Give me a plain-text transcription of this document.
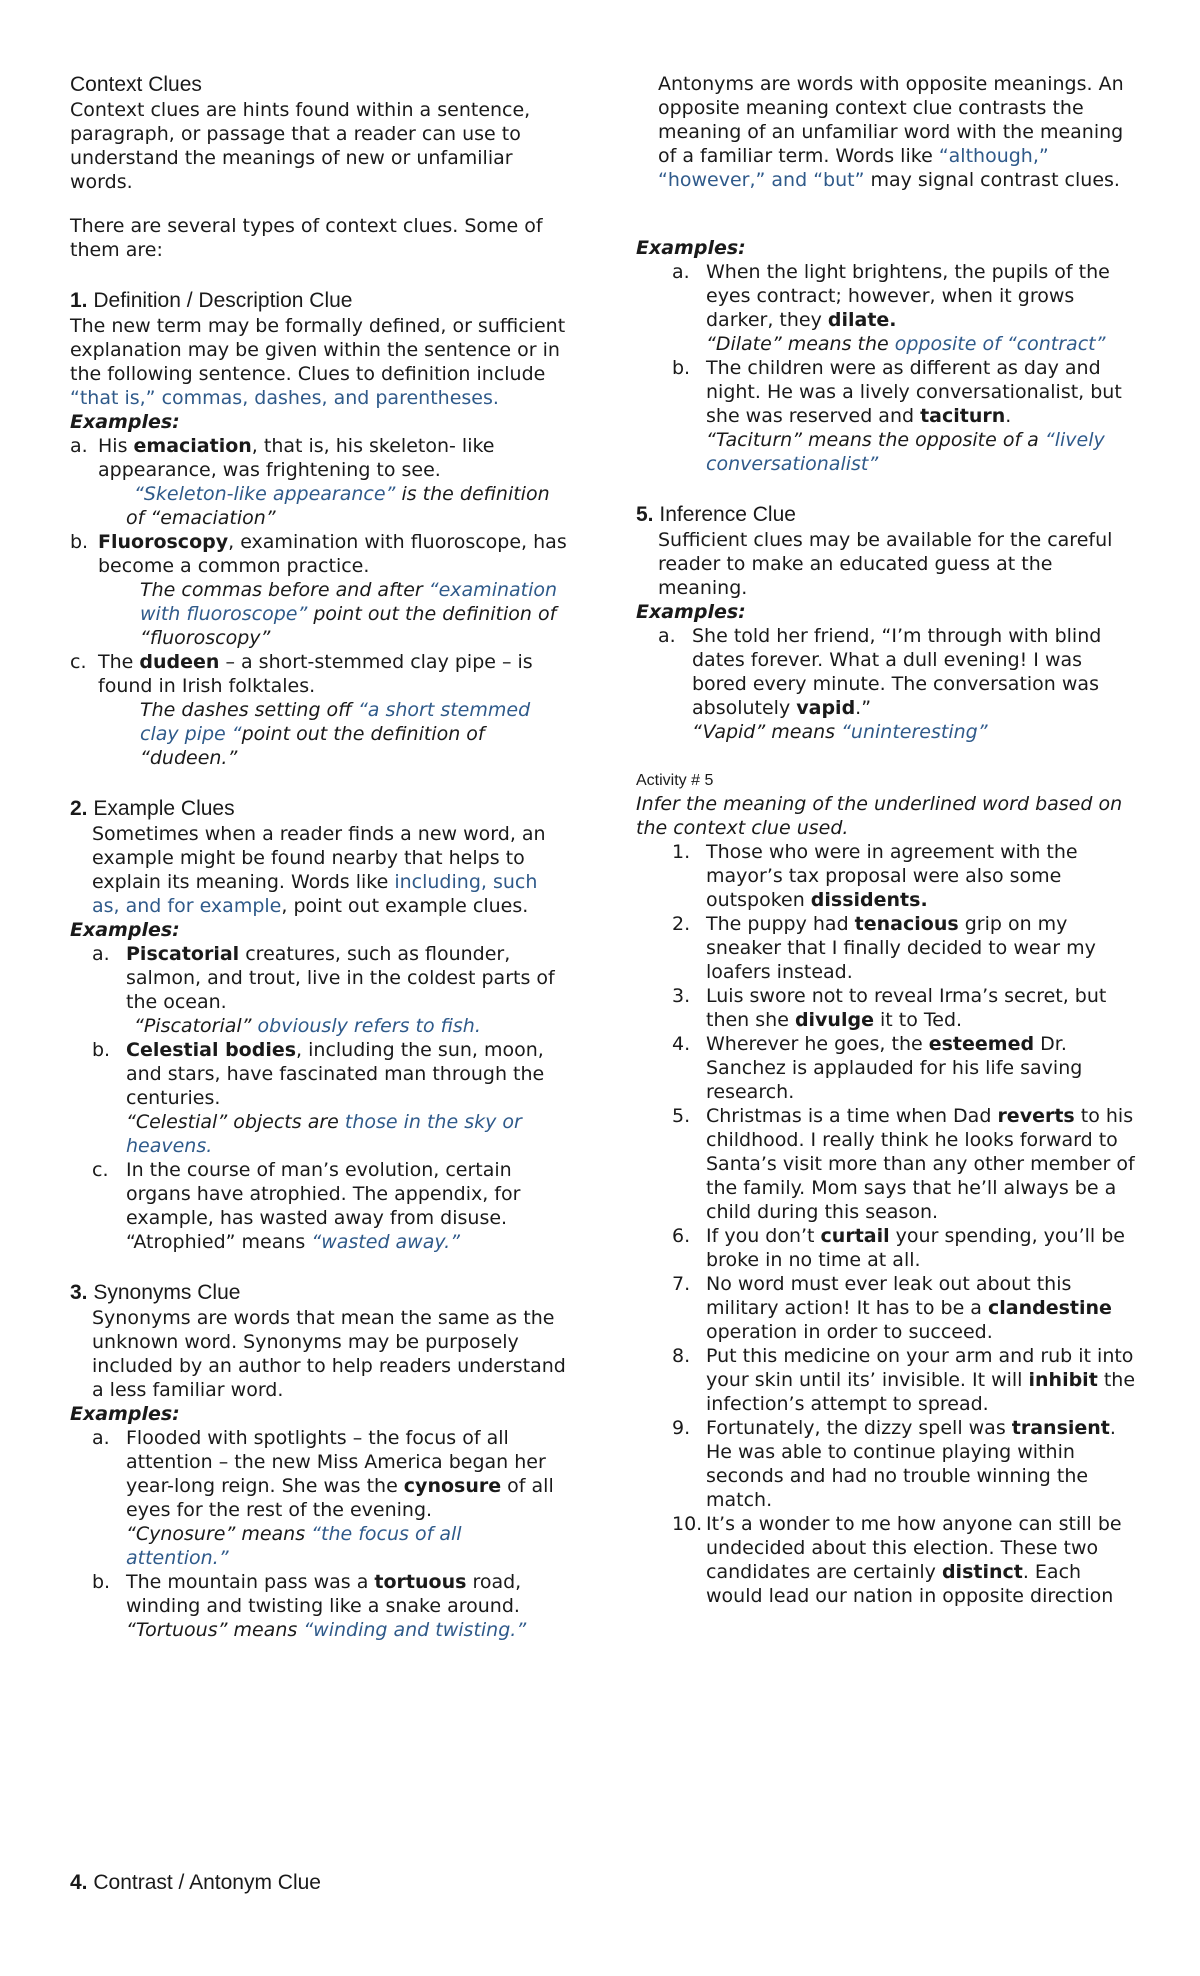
Context Clues

Context clues are hints found within a sentence, paragraph, or passage that a reader can use to understand the meanings of new or unfamiliar words.

There are several types of context clues. Some of them are:

1. Definition / Description Clue

The new term may be formally defined, or sufficient explanation may be given within the sentence or in the following sentence. Clues to definition include “that is,” commas, dashes, and parentheses.

Examples:

a. His emaciation, that is, his skeleton- like appearance, was frightening to see.

“Skeleton-like appearance” is the definition of “emaciation”

b. Fluoroscopy, examination with fluoroscope, has become a common practice.

The commas before and after “examination with fluoroscope” point out the definition of “fluoroscopy”

c. The dudeen – a short-stemmed clay pipe – is found in Irish folktales.

The dashes setting off “a short stemmed clay pipe “point out the definition of “dudeen.”

2. Example Clues

Sometimes when a reader finds a new word, an example might be found nearby that helps to explain its meaning. Words like including, such as, and for example, point out example clues.

Examples:

a. Piscatorial creatures, such as flounder, salmon, and trout, live in the coldest parts of the ocean.

“Piscatorial” obviously refers to fish.

b. Celestial bodies, including the sun, moon, and stars, have fascinated man through the centuries.

“Celestial” objects are those in the sky or heavens.

c. In the course of man’s evolution, certain organs have atrophied. The appendix, for example, has wasted away from disuse.

“Atrophied” means “wasted away.”

3. Synonyms Clue

Synonyms are words that mean the same as the unknown word. Synonyms may be purposely included by an author to help readers understand a less familiar word.

Examples:

a. Flooded with spotlights – the focus of all attention – the new Miss America began her year-long reign. She was the cynosure of all eyes for the rest of the evening.

“Cynosure” means “the focus of all attention.”

b. The mountain pass was a tortuous road, winding and twisting like a snake around.

“Tortuous” means “winding and twisting.”

4. Contrast / Antonym Clue

Antonyms are words with opposite meanings. An opposite meaning context clue contrasts the meaning of an unfamiliar word with the meaning of a familiar term. Words like “although,” “however,” and “but” may signal contrast clues.

Examples:

a. When the light brightens, the pupils of the eyes contract; however, when it grows darker, they dilate.

“Dilate” means the opposite of “contract”

b. The children were as different as day and night. He was a lively conversationalist, but she was reserved and taciturn.

“Taciturn” means the opposite of a “lively conversationalist”

5. Inference Clue

Sufficient clues may be available for the careful reader to make an educated guess at the meaning.

Examples:

a. She told her friend, “I’m through with blind dates forever. What a dull evening! I was bored every minute. The conversation was absolutely vapid.”

“Vapid” means “uninteresting”

Activity # 5

Infer the meaning of the underlined word based on the context clue used.

1. Those who were in agreement with the mayor’s tax proposal were also some outspoken dissidents.
2. The puppy had tenacious grip on my sneaker that I finally decided to wear my loafers instead.
3. Luis swore not to reveal Irma’s secret, but then she divulge it to Ted.
4. Wherever he goes, the esteemed Dr. Sanchez is applauded for his life saving research.
5. Christmas is a time when Dad reverts to his childhood. I really think he looks forward to Santa’s visit more than any other member of the family. Mom says that he’ll always be a child during this season.
6. If you don’t curtail your spending, you’ll be broke in no time at all.
7. No word must ever leak out about this military action! It has to be a clandestine operation in order to succeed.
8. Put this medicine on your arm and rub it into your skin until its’ invisible. It will inhibit the infection’s attempt to spread.
9. Fortunately, the dizzy spell was transient. He was able to continue playing within seconds and had no trouble winning the match.
10. It’s a wonder to me how anyone can still be undecided about this election. These two candidates are certainly distinct. Each would lead our nation in opposite direction
